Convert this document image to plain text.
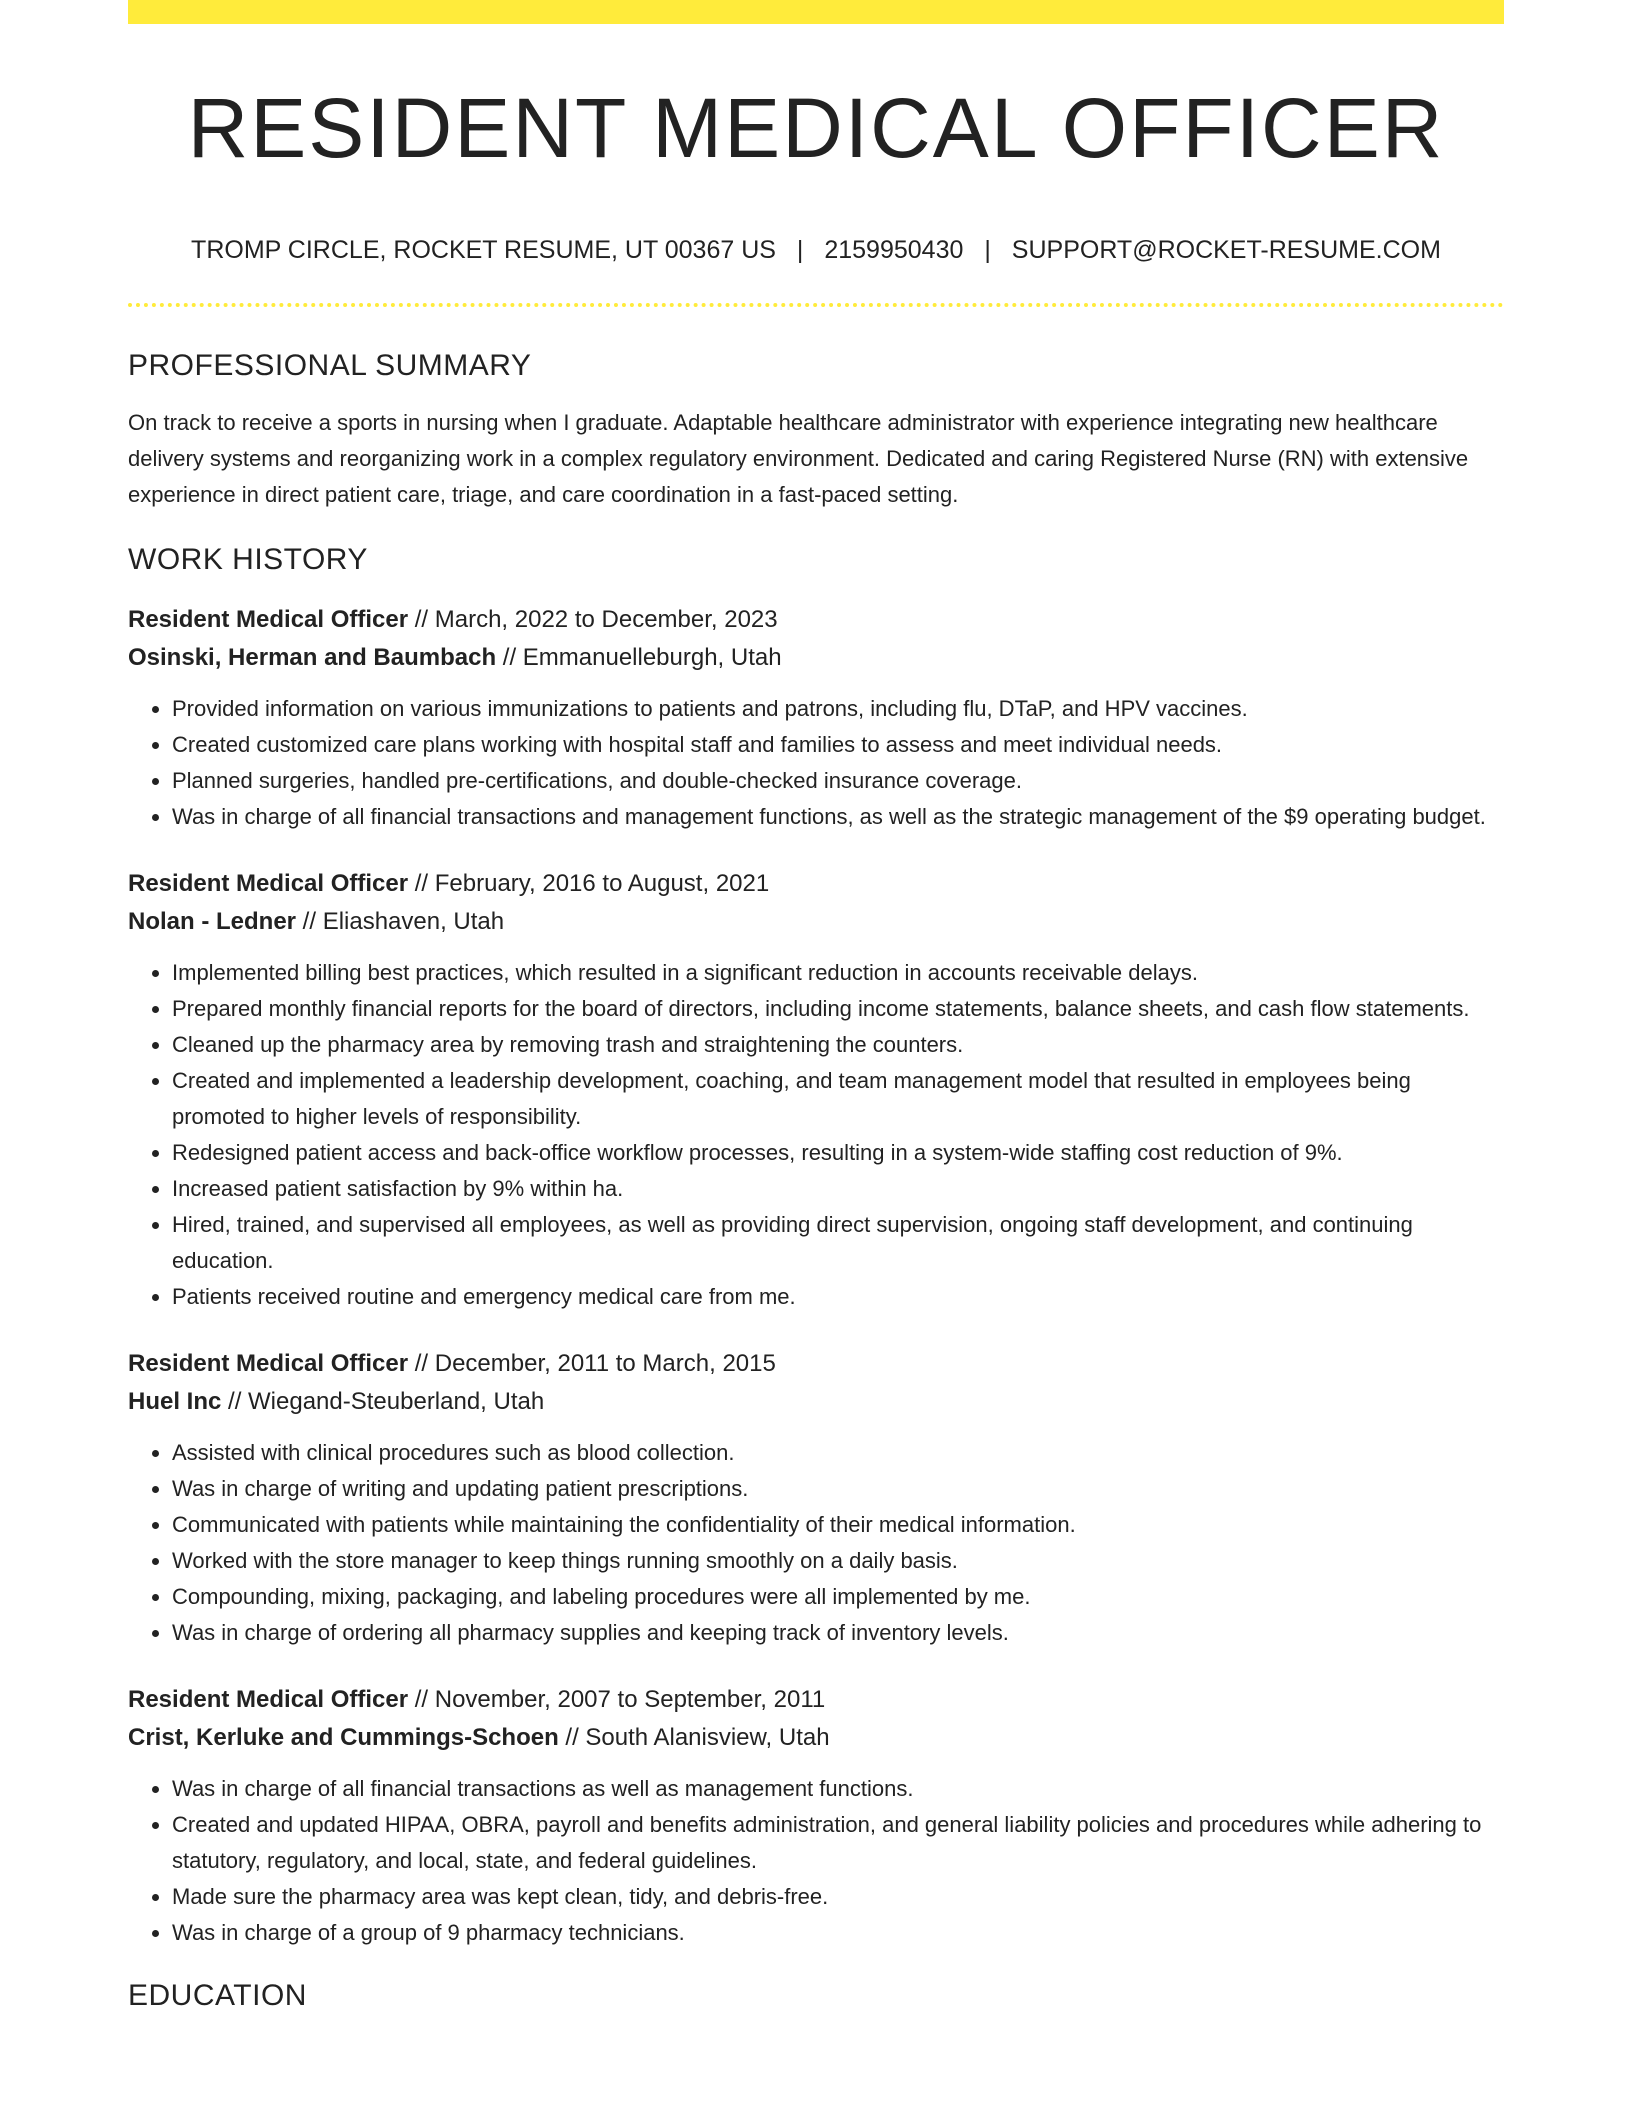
RESIDENT MEDICAL OFFICER
TROMP CIRCLE, ROCKET RESUME, UT 00367 US | 2159950430 | SUPPORT@ROCKET-RESUME.COM
PROFESSIONAL SUMMARY

On track to receive a sports in nursing when I graduate. Adaptable healthcare administrator with experience integrating new healthcare delivery systems and reorganizing work in a complex regulatory environment. Dedicated and caring Registered Nurse (RN) with extensive experience in direct patient care, triage, and care coordination in a fast-paced setting.

WORK HISTORY
Resident Medical Officer // March, 2022 to December, 2023
Osinski, Herman and Baumbach // Emmanuelleburgh, Utah
• Provided information on various immunizations to patients and patrons, including flu, DTaP, and HPV vaccines.
• Created customized care plans working with hospital staff and families to assess and meet individual needs.
• Planned surgeries, handled pre-certifications, and double-checked insurance coverage.
• Was in charge of all financial transactions and management functions, as well as the strategic management of the $9 operating budget.
Resident Medical Officer // February, 2016 to August, 2021
Nolan - Ledner // Eliashaven, Utah
• Implemented billing best practices, which resulted in a significant reduction in accounts receivable delays.
• Prepared monthly financial reports for the board of directors, including income statements, balance sheets, and cash flow statements.
• Cleaned up the pharmacy area by removing trash and straightening the counters.
• Created and implemented a leadership development, coaching, and team management model that resulted in employees being promoted to higher levels of responsibility.
• Redesigned patient access and back-office workflow processes, resulting in a system-wide staffing cost reduction of 9%.
• Increased patient satisfaction by 9% within ha.
• Hired, trained, and supervised all employees, as well as providing direct supervision, ongoing staff development, and continuing education.
• Patients received routine and emergency medical care from me.
Resident Medical Officer // December, 2011 to March, 2015
Huel Inc // Wiegand-Steuberland, Utah
• Assisted with clinical procedures such as blood collection.
• Was in charge of writing and updating patient prescriptions.
• Communicated with patients while maintaining the confidentiality of their medical information.
• Worked with the store manager to keep things running smoothly on a daily basis.
• Compounding, mixing, packaging, and labeling procedures were all implemented by me.
• Was in charge of ordering all pharmacy supplies and keeping track of inventory levels.
Resident Medical Officer // November, 2007 to September, 2011
Crist, Kerluke and Cummings-Schoen // South Alanisview, Utah
• Was in charge of all financial transactions as well as management functions.
• Created and updated HIPAA, OBRA, payroll and benefits administration, and general liability policies and procedures while adhering to statutory, regulatory, and local, state, and federal guidelines.
• Made sure the pharmacy area was kept clean, tidy, and debris-free.
• Was in charge of a group of 9 pharmacy technicians.
EDUCATION
